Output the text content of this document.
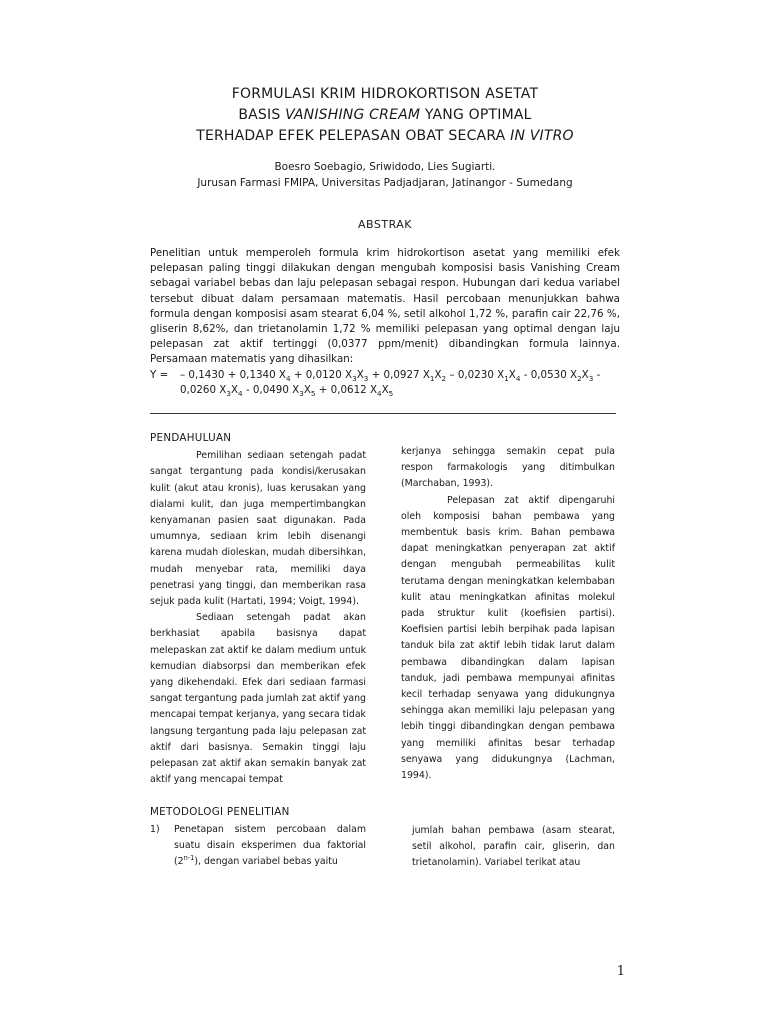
FORMULASI KRIM HIDROKORTISON ASETAT
BASIS VANISHING CREAM YANG OPTIMAL
TERHADAP EFEK PELEPASAN OBAT SECARA IN VITRO
Boesro Soebagio, Sriwidodo, Lies Sugiarti.
Jurusan Farmasi FMIPA, Universitas Padjadjaran, Jatinangor - Sumedang
ABSTRAK

Penelitian untuk memperoleh formula krim hidrokortison asetat yang memiliki efek pelepasan paling tinggi dilakukan dengan mengubah komposisi basis Vanishing Cream sebagai variabel bebas dan laju pelepasan sebagai respon. Hubungan dari kedua variabel tersebut dibuat dalam persamaan matematis. Hasil percobaan menunjukkan bahwa formula dengan komposisi asam stearat 6,04 %, setil alkohol 1,72 %, parafin cair 22,76 %, gliserin 8,62%, dan trietanolamin 1,72 % memiliki pelepasan yang optimal dengan laju pelepasan zat aktif tertinggi (0,0377 ppm/menit) dibandingkan formula lainnya. Persamaan matematis yang dihasilkan:

Y =	– 0,1430 + 0,1340 $X_4 + 0,0120$ $X_3X_3 + 0,0927$ $X_1X_2 - 0,0230$ $X_1X_4 - 0,0530$ $X_2X_3$ -
0,0260 $X_3X_4 - 0,0490$ $X_3X_5 + 0,0612$ $X_4X_5$
PENDAHULUAN

Pemilihan sediaan setengah padat sangat tergantung pada kondisi/kerusakan kulit (akut atau kronis), luas kerusakan yang dialami kulit, dan juga mempertimbangkan kenyamanan pasien saat digunakan. Pada umumnya, sediaan krim lebih disenangi karena mudah dioleskan, mudah dibersihkan, mudah menyebar rata, memiliki daya penetrasi yang tinggi, dan memberikan rasa sejuk pada kulit (Hartati, 1994; Voigt, 1994).

Sediaan setengah padat akan berkhasiat apabila basisnya dapat melepaskan zat aktif ke dalam medium untuk kemudian diabsorpsi dan memberikan efek yang dikehendaki. Efek dari sediaan farmasi sangat tergantung pada jumlah zat aktif yang mencapai tempat kerjanya, yang secara tidak langsung tergantung pada laju pelepasan zat aktif dari basisnya. Semakin tinggi laju pelepasan zat aktif akan semakin banyak zat aktif yang mencapai tempat

kerjanya sehingga semakin cepat pula respon farmakologis yang ditimbulkan (Marchaban, 1993).

Pelepasan zat aktif dipengaruhi oleh komposisi bahan pembawa yang membentuk basis krim. Bahan pembawa dapat meningkatkan penyerapan zat aktif dengan mengubah permeabilitas kulit terutama dengan meningkatkan kelembaban kulit atau meningkatkan afinitas molekul pada struktur kulit (koefisien partisi). Koefisien partisi lebih berpihak pada lapisan tanduk bila zat aktif lebih tidak larut dalam pembawa dibandingkan dalam lapisan tanduk, jadi pembawa mempunyai afinitas kecil terhadap senyawa yang didukungnya sehingga akan memiliki laju pelepasan yang lebih tinggi dibandingkan dengan pembawa yang memiliki afinitas besar terhadap senyawa yang didukungnya (Lachman, 1994).

METODOLOGI PENELITIAN
1)	Penetapan sistem percobaan dalam suatu disain eksperimen dua faktorial (2$^{n-1}$), dengan variabel bebas yaitu

jumlah bahan pembawa (asam stearat, setil alkohol, parafin cair, gliserin, dan trietanolamin). Variabel terikat atau

1
